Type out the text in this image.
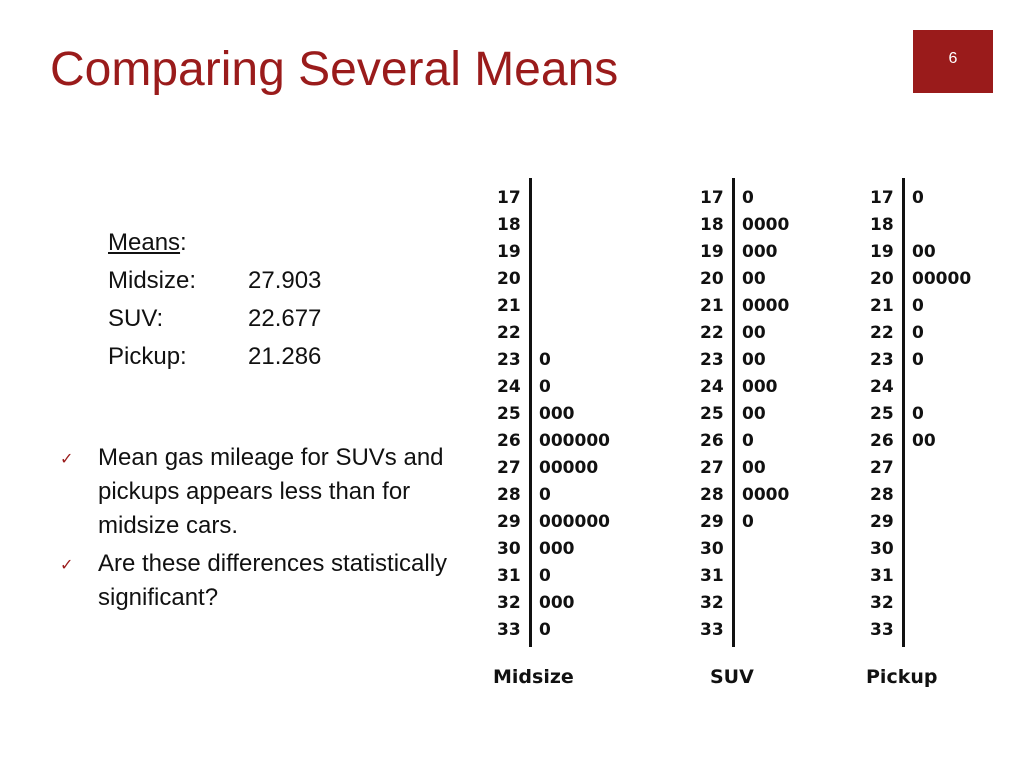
Comparing Several Means	6
Means:
Midsize:	27.903
SUV:	22.677
Pickup:	21.286
✓	Mean gas mileage for SUVs and pickups appears less than for midsize cars.
✓	Are these differences statistically significant?
17
18
19
20
21
22
23 0
24 0
25 000
26 000000
27 00000
28 0
29 000000
30 000
31 0
32 000
33 0
Midsize
17 0
18 0000
19 000
20 00
21 0000
22 00
23 00
24 000
25 00
26 0
27 00
28 0000
29 0
30
31
32
33
SUV
17 0
18
19 00
20 00000
21 0
22 0
23 0
24
25 0
26 00
27
28
29
30
31
32
33
Pickup
